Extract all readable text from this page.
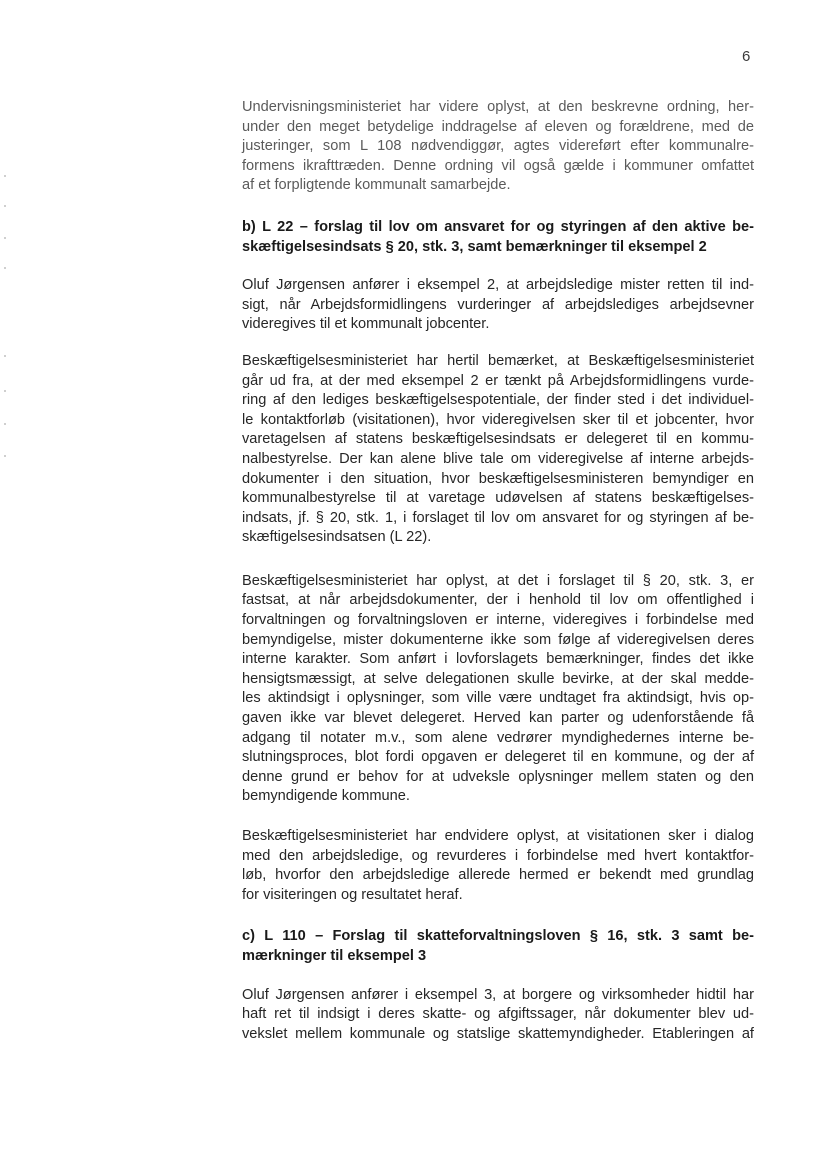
6

Undervisningsministeriet har videre oplyst, at den beskrevne ordning, her-
under den meget betydelige inddragelse af eleven og forældrene, med de
justeringer, som L 108 nødvendiggør, agtes videreført efter kommunalre-
formens ikrafttræden. Denne ordning vil også gælde i kommuner omfattet
af et forpligtende kommunalt samarbejde.

b) L 22 – forslag til lov om ansvaret for og styringen af den aktive be-
skæftigelsesindsats § 20, stk. 3, samt bemærkninger til eksempel 2

Oluf Jørgensen anfører i eksempel 2, at arbejdsledige mister retten til ind-
sigt, når Arbejdsformidlingens vurderinger af arbejdslediges arbejdsevner
videregives til et kommunalt jobcenter.

Beskæftigelsesministeriet har hertil bemærket, at Beskæftigelsesministeriet
går ud fra, at der med eksempel 2 er tænkt på Arbejdsformidlingens vurde-
ring af den lediges beskæftigelsespotentiale, der finder sted i det individuel-
le kontaktforløb (visitationen), hvor videregivelsen sker til et jobcenter, hvor
varetagelsen af statens beskæftigelsesindsats er delegeret til en kommu-
nalbestyrelse. Der kan alene blive tale om videregivelse af interne arbejds-
dokumenter i den situation, hvor beskæftigelsesministeren bemyndiger en
kommunalbestyrelse til at varetage udøvelsen af statens beskæftigelses-
indsats, jf. § 20, stk. 1, i forslaget til lov om ansvaret for og styringen af be-
skæftigelsesindsatsen (L 22).

Beskæftigelsesministeriet har oplyst, at det i forslaget til § 20, stk. 3, er
fastsat, at når arbejdsdokumenter, der i henhold til lov om offentlighed i
forvaltningen og forvaltningsloven er interne, videregives i forbindelse med
bemyndigelse, mister dokumenterne ikke som følge af videregivelsen deres
interne karakter. Som anført i lovforslagets bemærkninger, findes det ikke
hensigtsmæssigt, at selve delegationen skulle bevirke, at der skal medde-
les aktindsigt i oplysninger, som ville være undtaget fra aktindsigt, hvis op-
gaven ikke var blevet delegeret. Herved kan parter og udenforstående få
adgang til notater m.v., som alene vedrører myndighedernes interne be-
slutningsproces, blot fordi opgaven er delegeret til en kommune, og der af
denne grund er behov for at udveksle oplysninger mellem staten og den
bemyndigende kommune.

Beskæftigelsesministeriet har endvidere oplyst, at visitationen sker i dialog
med den arbejdsledige, og revurderes i forbindelse med hvert kontaktfor-
løb, hvorfor den arbejdsledige allerede hermed er bekendt med grundlag
for visiteringen og resultatet heraf.

c) L 110 – Forslag til skatteforvaltningsloven § 16, stk. 3 samt be-
mærkninger til eksempel 3

Oluf Jørgensen anfører i eksempel 3, at borgere og virksomheder hidtil har
haft ret til indsigt i deres skatte- og afgiftssager, når dokumenter blev ud-
vekslet mellem kommunale og statslige skattemyndigheder. Etableringen af
